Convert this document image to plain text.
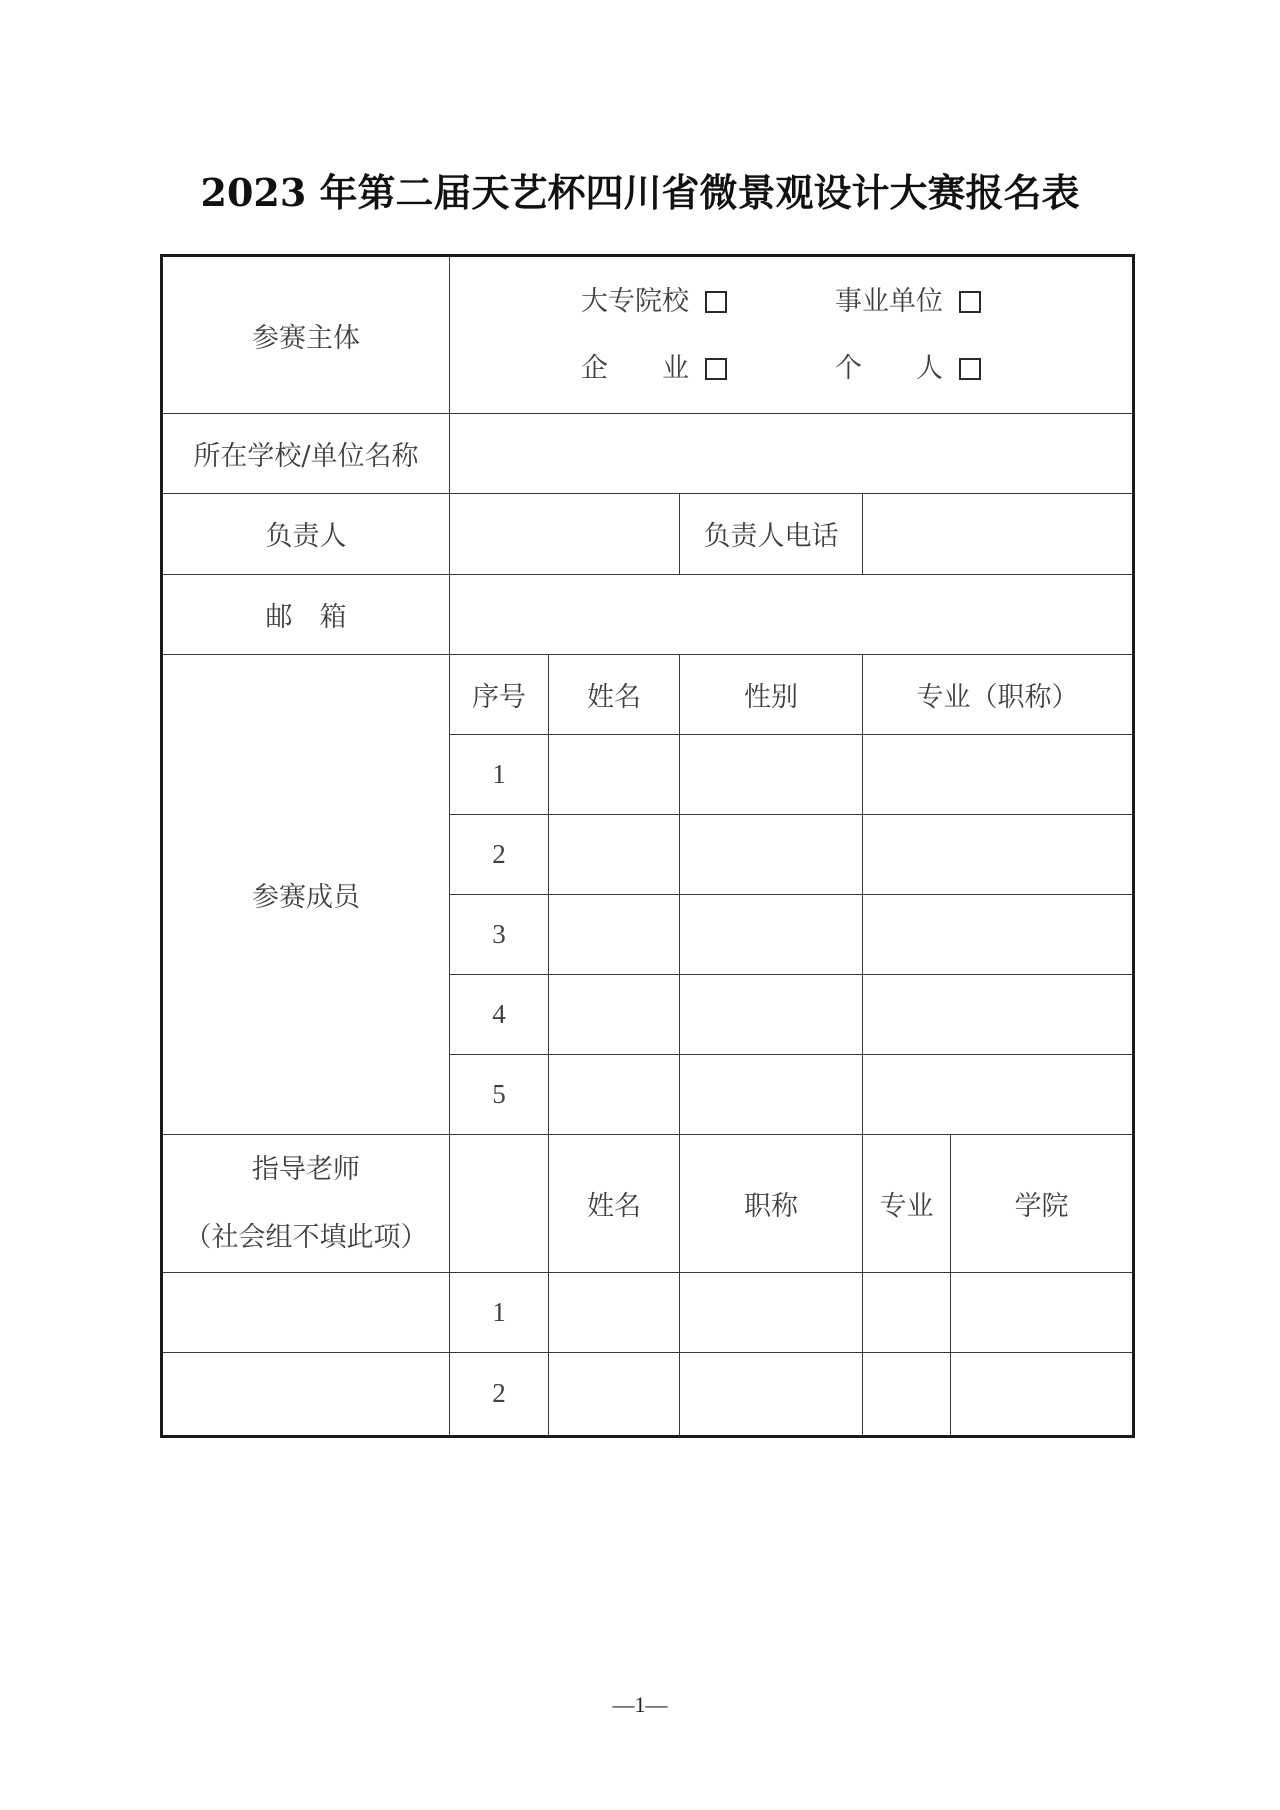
2023 年第二届天艺杯四川省微景观设计大赛报名表
参赛主体	大专院校 事业单位
企　　业 个　　人				

所在学校/单位名称					
负责人			负责人电话		
邮　箱					
参赛成员	序号	姓名	性别	专业（职称）	
	1				
	2				
	3				
	4				
	5				

指导老师
（社会组不填此项）		姓名	职称	专业	学院
	1				
	2				
—1—
